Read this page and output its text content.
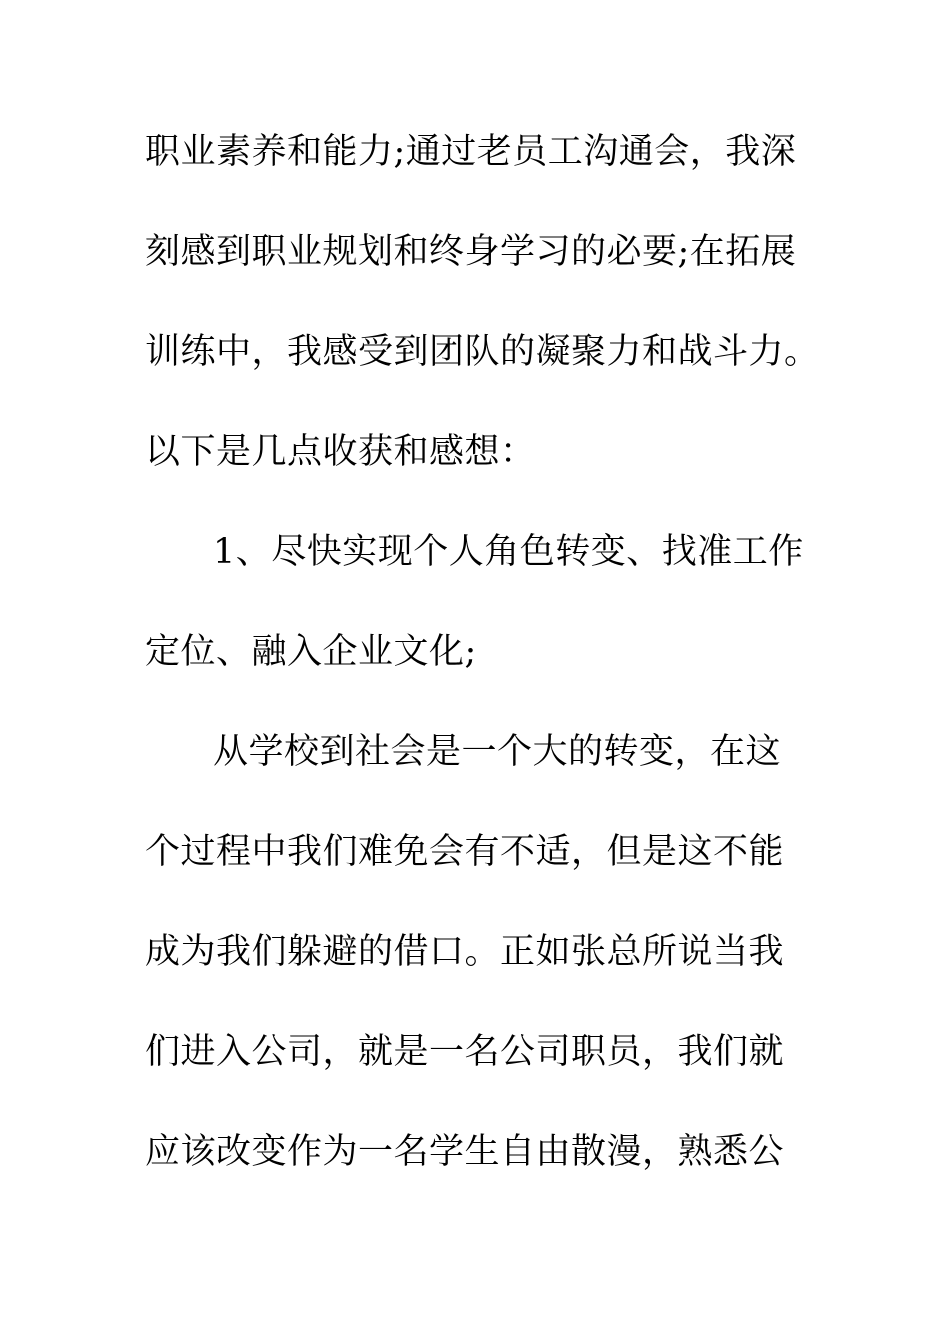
职业素养和能力;通过老员工沟通会，我深
刻感到职业规划和终身学习的必要;在拓展
训练中，我感受到团队的凝聚力和战斗力。
以下是几点收获和感想：
1、尽快实现个人角色转变、找准工作
定位、融入企业文化;
从学校到社会是一个大的转变，在这
个过程中我们难免会有不适，但是这不能
成为我们躲避的借口。正如张总所说当我
们进入公司，就是一名公司职员，我们就
应该改变作为一名学生自由散漫，熟悉公
